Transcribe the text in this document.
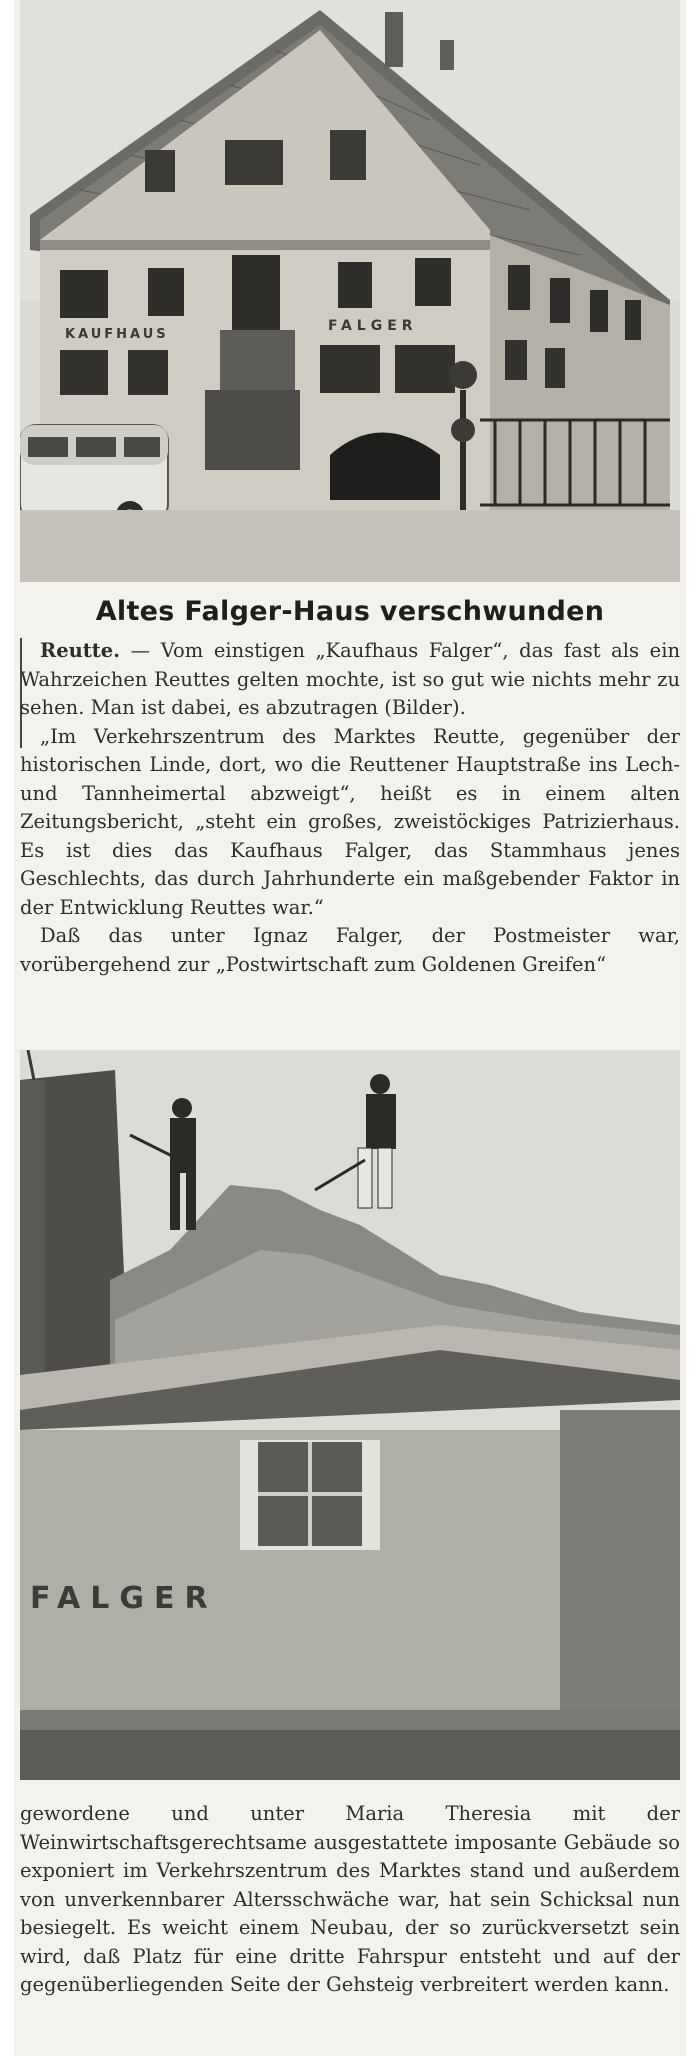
KAUFHAUS
FALGER
Altes Falger-Haus verschwunden

Reutte. — Vom einstigen „Kaufhaus Falger“, das fast als ein Wahrzeichen Reuttes gelten mochte, ist so gut wie nichts mehr zu sehen. Man ist dabei, es abzutragen (Bilder).

„Im Verkehrszentrum des Marktes Reutte, gegenüber der historischen Linde, dort, wo die Reuttener Hauptstraße ins Lech- und Tannheimertal abzweigt“, heißt es in einem alten Zeitungsbericht, „steht ein großes, zweistöckiges Patrizierhaus. Es ist dies das Kaufhaus Falger, das Stammhaus jenes Geschlechts, das durch Jahrhunderte ein maßgebender Faktor in der Entwicklung Reuttes war.“

Daß das unter Ignaz Falger, der Postmeister war, vorübergehend zur „Postwirtschaft zum Goldenen Greifen“

FALGER

gewordene und unter Maria Theresia mit der Weinwirtschaftsgerechtsame ausgestattete imposante Gebäude so exponiert im Verkehrszentrum des Marktes stand und außerdem von unverkennbarer Altersschwäche war, hat sein Schicksal nun besiegelt. Es weicht einem Neubau, der so zurückversetzt sein wird, daß Platz für eine dritte Fahrspur entsteht und auf der gegenüberliegenden Seite der Gehsteig verbreitert werden kann.
